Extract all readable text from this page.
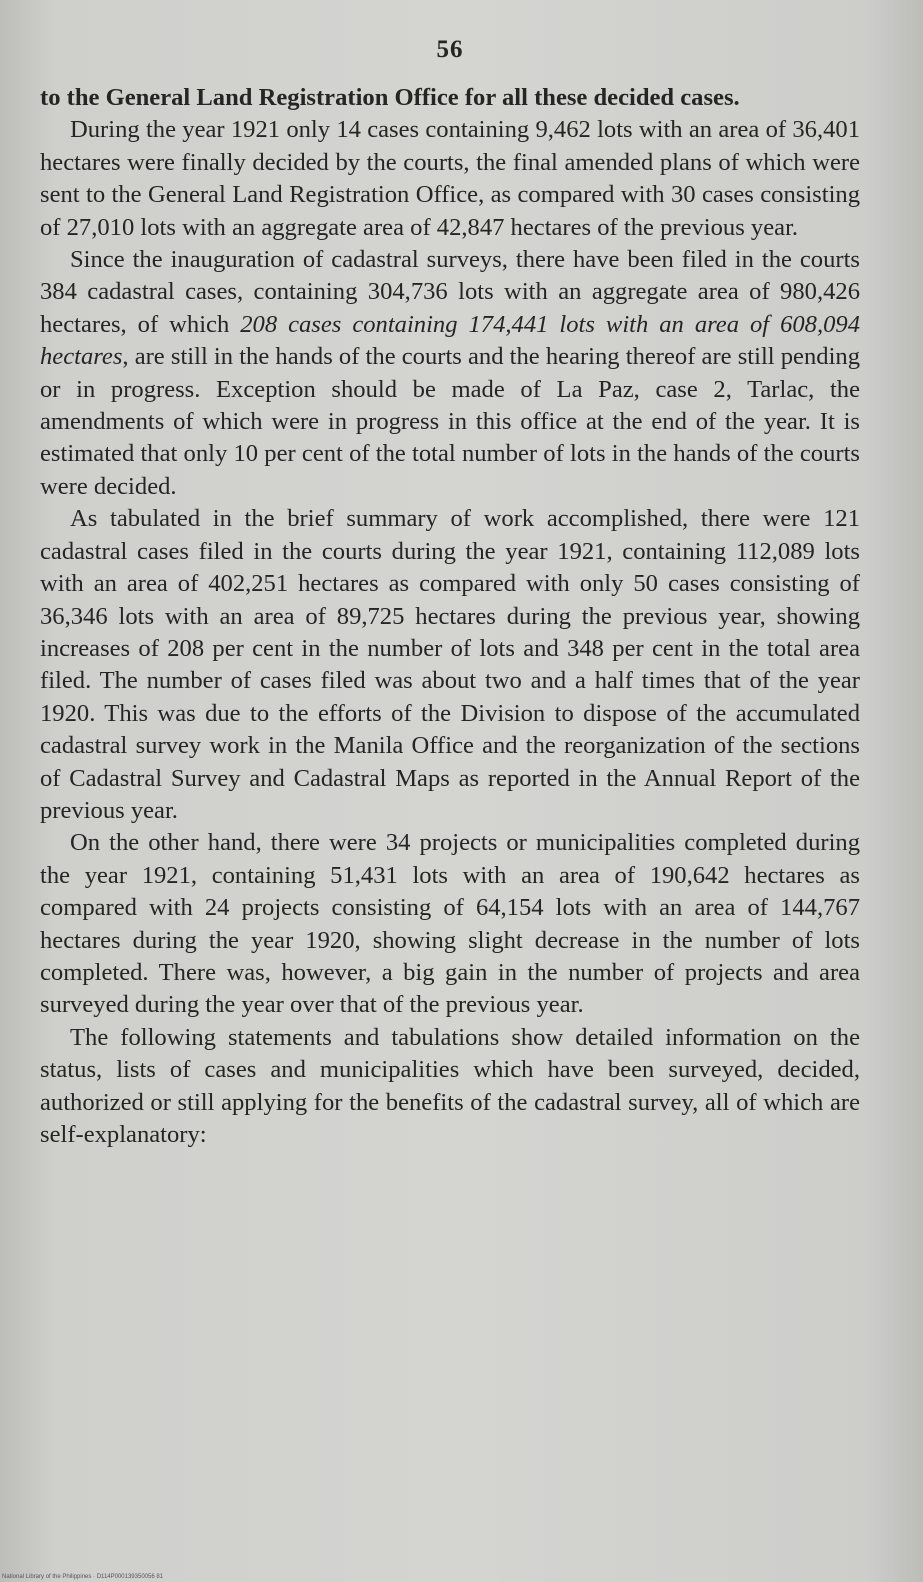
56

to the General Land Registration Office for all these decided cases.

During the year 1921 only 14 cases containing 9,462 lots with an area of 36,401 hectares were finally decided by the courts, the final amended plans of which were sent to the General Land Registration Office, as compared with 30 cases consisting of 27,010 lots with an aggregate area of 42,847 hectares of the previous year.

Since the inauguration of cadastral surveys, there have been filed in the courts 384 cadastral cases, containing 304,736 lots with an aggregate area of 980,426 hectares, of which 208 cases containing 174,441 lots with an area of 608,094 hectares, are still in the hands of the courts and the hearing thereof are still pending or in progress. Exception should be made of La Paz, case 2, Tarlac, the amendments of which were in progress in this office at the end of the year. It is estimated that only 10 per cent of the total number of lots in the hands of the courts were decided.

As tabulated in the brief summary of work accomplished, there were 121 cadastral cases filed in the courts during the year 1921, containing 112,089 lots with an area of 402,251 hectares as compared with only 50 cases consisting of 36,346 lots with an area of 89,725 hectares during the previous year, showing increases of 208 per cent in the number of lots and 348 per cent in the total area filed. The number of cases filed was about two and a half times that of the year 1920. This was due to the efforts of the Division to dispose of the accumulated cadastral survey work in the Manila Office and the reorganization of the sections of Cadastral Survey and Cadastral Maps as reported in the Annual Report of the previous year.

On the other hand, there were 34 projects or municipalities completed during the year 1921, containing 51,431 lots with an area of 190,642 hectares as compared with 24 projects consisting of 64,154 lots with an area of 144,767 hectares during the year 1920, showing slight decrease in the number of lots completed. There was, however, a big gain in the number of projects and area surveyed during the year over that of the previous year.

The following statements and tabulations show detailed information on the status, lists of cases and municipalities which have been surveyed, decided, authorized or still applying for the benefits of the cadastral survey, all of which are self-explanatory:

National Library of the Philippines · D114P000139350056 81
